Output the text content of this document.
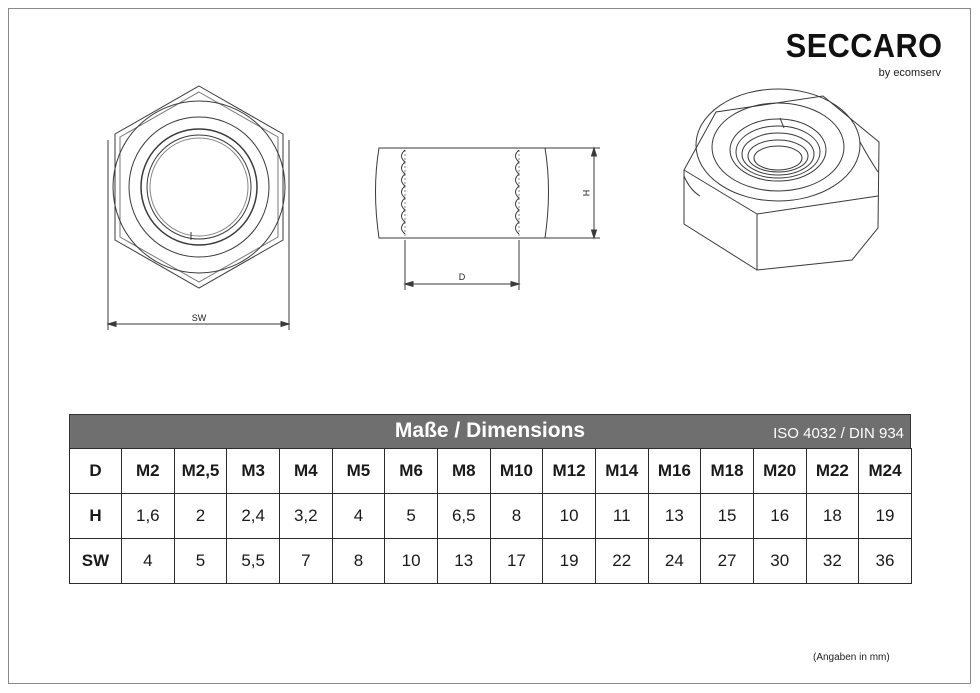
SECCARO
by ecomserv
SW
D
H
Maße / Dimensions	ISO 4032 / DIN 934
D	M2	M2,5	M3	M4	M5	M6	M8	M10	M12	M14	M16	M18	M20	M22	M24
H	1,6	2	2,4	3,2	4	5	6,5	8	10	11	13	15	16	18	19
SW	4	5	5,5	7	8	10	13	17	19	22	24	27	30	32	36
(Angaben in mm)
